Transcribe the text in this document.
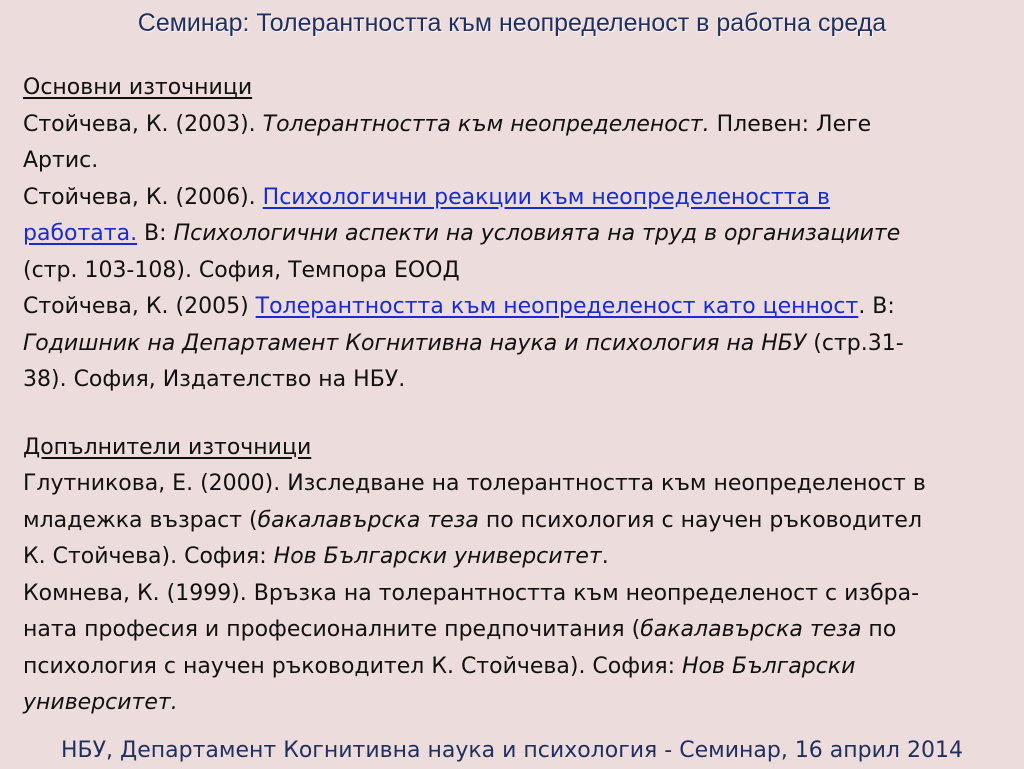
Семинар: Толерантността към неопределеност в работна среда
Основни източници
Стойчева, К. (2003). Толерантността към неопределеност. Плевен: Леге
Артис.
Стойчева, К. (2006). Психологични реакции към неопределеността в
работата. В: Психологични аспекти на условията на труд в организациите
(стр. 103-108). София, Темпора ЕООД
Стойчева, К. (2005) Толерантността към неопределеност като ценност. В:
Годишник на Департамент Когнитивна наука и психология на НБУ (стр.31-
38). София, Издателство на НБУ.
Допълнители източници
Глутникова, Е. (2000). Изследване на толерантността към неопределеност в
младежка възраст (бакалавърска теза по психология с научен ръководител
К. Стойчева). София: Нов Български университет.
Комнева, К. (1999). Връзка на толерантността към неопределеност с избра-
ната професия и професионалните предпочитания (бакалавърска теза по
психология с научен ръководител К. Стойчева). София: Нов Български
университет.
НБУ, Департамент Когнитивна наука и психология - Семинар, 16 април 2014
